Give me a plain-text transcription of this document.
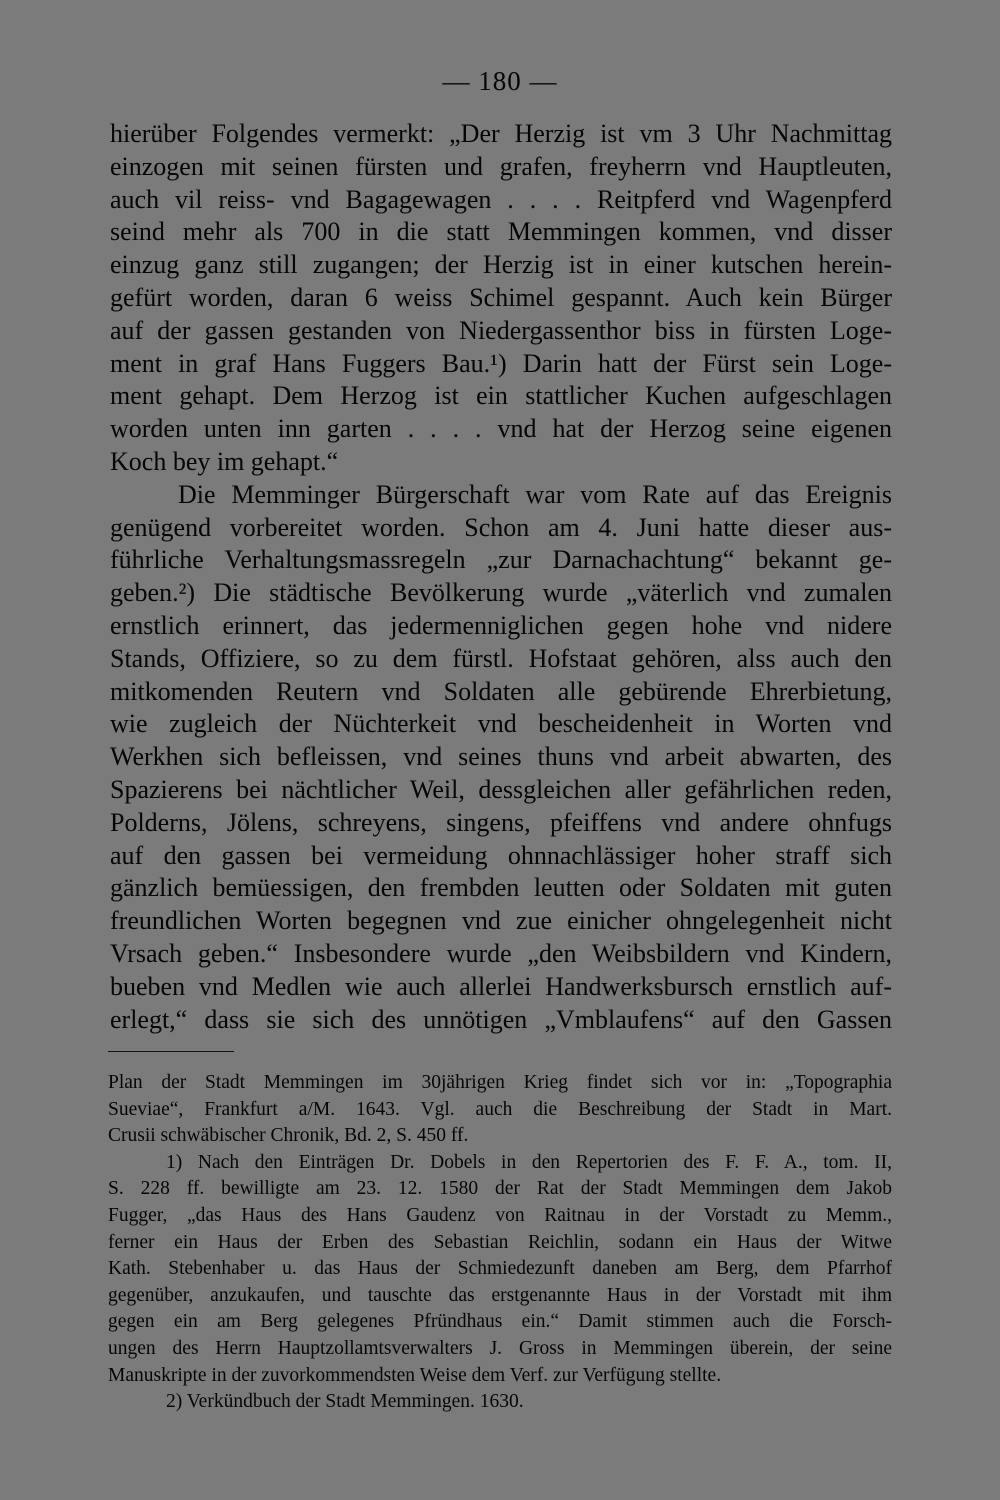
— 180 —
hierüber Folgendes vermerkt: „Der Herzig ist vm 3 Uhr Nachmittag
einzogen mit seinen fürsten und grafen, freyherrn vnd Hauptleuten,
auch vil reiss- vnd Bagagewagen . . . . Reitpferd vnd Wagenpferd
seind mehr als 700 in die statt Memmingen kommen, vnd disser
einzug ganz still zugangen; der Herzig ist in einer kutschen herein-
gefürt worden, daran 6 weiss Schimel gespannt. Auch kein Bürger
auf der gassen gestanden von Niedergassenthor biss in fürsten Loge-
ment in graf Hans Fuggers Bau.¹) Darin hatt der Fürst sein Loge-
ment gehapt. Dem Herzog ist ein stattlicher Kuchen aufgeschlagen
worden unten inn garten . . . . vnd hat der Herzog seine eigenen
Koch bey im gehapt.“
Die Memminger Bürgerschaft war vom Rate auf das Ereignis
genügend vorbereitet worden. Schon am 4. Juni hatte dieser aus-
führliche Verhaltungsmassregeln „zur Darnachachtung“ bekannt ge-
geben.²) Die städtische Bevölkerung wurde „väterlich vnd zumalen
ernstlich erinnert, das jedermenniglichen gegen hohe vnd nidere
Stands, Offiziere, so zu dem fürstl. Hofstaat gehören, alss auch den
mitkomenden Reutern vnd Soldaten alle gebürende Ehrerbietung,
wie zugleich der Nüchterkeit vnd bescheidenheit in Worten vnd
Werkhen sich befleissen, vnd seines thuns vnd arbeit abwarten, des
Spazierens bei nächtlicher Weil, dessgleichen aller gefährlichen reden,
Polderns, Jölens, schreyens, singens, pfeiffens vnd andere ohnfugs
auf den gassen bei vermeidung ohnnachlässiger hoher straff sich
gänzlich bemüessigen, den frembden leutten oder Soldaten mit guten
freundlichen Worten begegnen vnd zue einicher ohngelegenheit nicht
Vrsach geben.“ Insbesondere wurde „den Weibsbildern vnd Kindern,
bueben vnd Medlen wie auch allerlei Handwerksbursch ernstlich auf-
erlegt,“ dass sie sich des unnötigen „Vmblaufens“ auf den Gassen
Plan der Stadt Memmingen im 30jährigen Krieg findet sich vor in: „Topographia
Sueviae“, Frankfurt a/M. 1643. Vgl. auch die Beschreibung der Stadt in Mart.
Crusii schwäbischer Chronik, Bd. 2, S. 450 ff.
1) Nach den Einträgen Dr. Dobels in den Repertorien des F. F. A., tom. II,
S. 228 ff. bewilligte am 23. 12. 1580 der Rat der Stadt Memmingen dem Jakob
Fugger, „das Haus des Hans Gaudenz von Raitnau in der Vorstadt zu Memm.,
ferner ein Haus der Erben des Sebastian Reichlin, sodann ein Haus der Witwe
Kath. Stebenhaber u. das Haus der Schmiedezunft daneben am Berg, dem Pfarrhof
gegenüber, anzukaufen, und tauschte das erstgenannte Haus in der Vorstadt mit ihm
gegen ein am Berg gelegenes Pfründhaus ein.“ Damit stimmen auch die Forsch-
ungen des Herrn Hauptzollamtsverwalters J. Gross in Memmingen überein, der seine
Manuskripte in der zuvorkommendsten Weise dem Verf. zur Verfügung stellte.
2) Verkündbuch der Stadt Memmingen. 1630.
